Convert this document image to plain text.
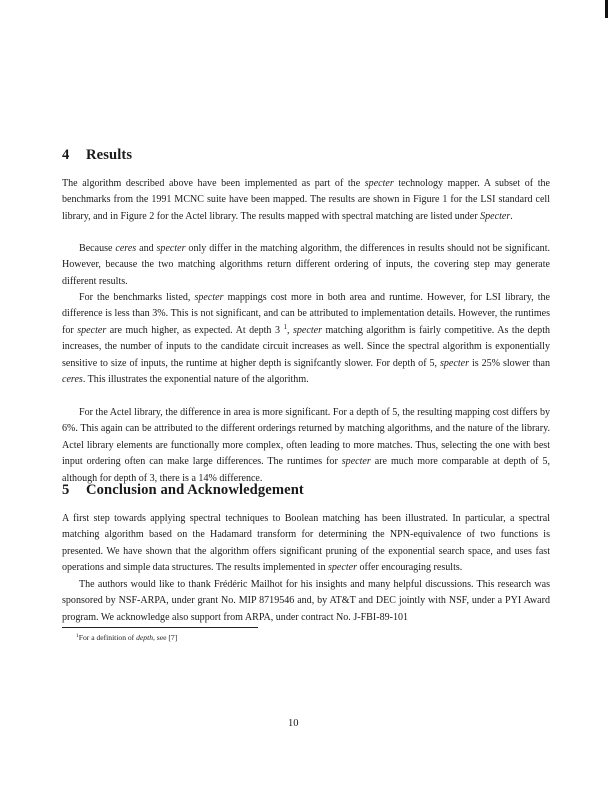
4 Results

The algorithm described above have been implemented as part of the specter technology mapper. A subset of the benchmarks from the 1991 MCNC suite have been mapped. The results are shown in Figure 1 for the LSI standard cell library, and in Figure 2 for the Actel library. The results mapped with spectral matching are listed under Specter.

Because ceres and specter only differ in the matching algorithm, the differences in results should not be significant. However, because the two matching algorithms return different ordering of inputs, the covering step may generate different results.

For the benchmarks listed, specter mappings cost more in both area and runtime. However, for LSI library, the difference is less than 3%. This is not significant, and can be attributed to implementation details. However, the runtimes for specter are much higher, as expected. At depth 3 $^1$, specter matching algorithm is fairly competitive. As the depth increases, the number of inputs to the candidate circuit increases as well. Since the spectral algorithm is exponentially sensitive to size of inputs, the runtime at higher depth is signifcantly slower. For depth of 5, specter is 25% slower than ceres. This illustrates the exponential nature of the algorithm.

For the Actel library, the difference in area is more significant. For a depth of 5, the resulting mapping cost differs by 6%. This again can be attributed to the different orderings returned by matching algorithms, and the nature of the library. Actel library elements are functionally more complex, often leading to more matches. Thus, selecting the one with best input ordering often can make large differences. The runtimes for specter are much more comparable at depth of 5, although for depth of 3, there is a 14% difference.

5 Conclusion and Acknowledgement

A first step towards applying spectral techniques to Boolean matching has been illustrated. In particular, a spectral matching algorithm based on the Hadamard transform for determining the NPN-equivalence of two functions is presented. We have shown that the algorithm offers significant pruning of the exponential search space, and uses fast operations and simple data structures. The results implemented in specter offer encouraging results.

The authors would like to thank Frédéric Mailhot for his insights and many helpful discussions. This research was sponsored by NSF-ARPA, under grant No. MIP 8719546 and, by AT&T and DEC jointly with NSF, under a PYI Award program. We acknowledge also support from ARPA, under contract No. J-FBI-89-101

$^1$For a definition of depth, see [7]
10
